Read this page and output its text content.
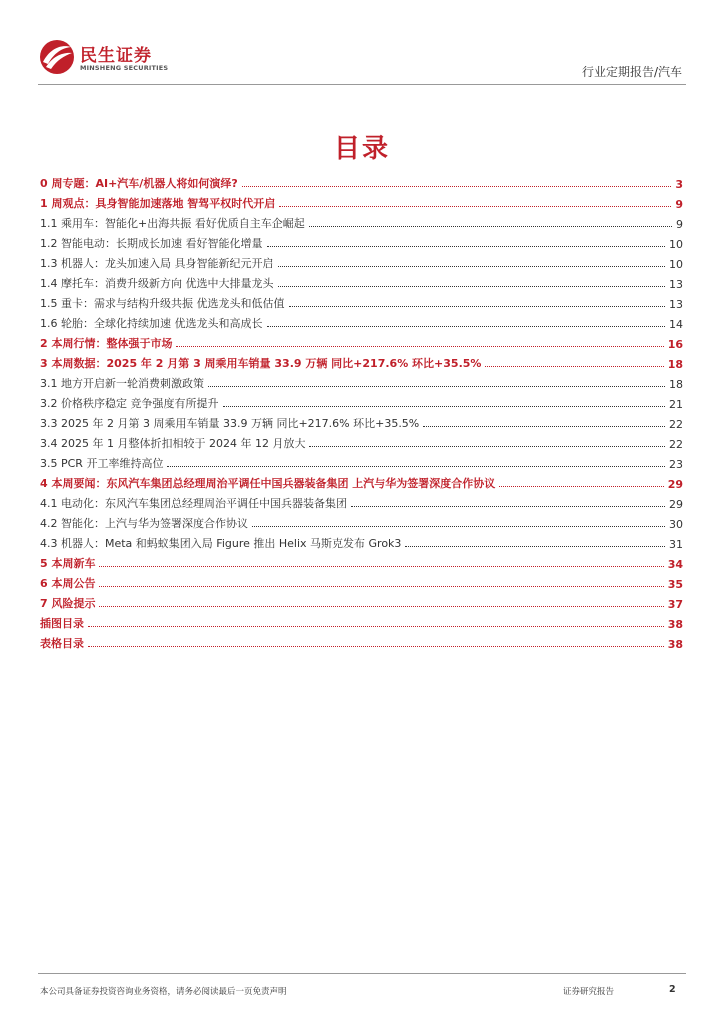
民生证券
MINSHENG SECURITIES	行业定期报告/汽车
目录
0 周专题：AI+汽车/机器人将如何演绎?	3
1 周观点：具身智能加速落地 智驾平权时代开启	9
1.1 乘用车：智能化+出海共振 看好优质自主车企崛起	9
1.2 智能电动：长期成长加速 看好智能化增量	10
1.3 机器人：龙头加速入局 具身智能新纪元开启	10
1.4 摩托车：消费升级新方向 优选中大排量龙头	13
1.5 重卡：需求与结构升级共振 优选龙头和低估值	13
1.6 轮胎：全球化持续加速 优选龙头和高成长	14
2 本周行情：整体强于市场	16
3 本周数据：2025 年 2 月第 3 周乘用车销量 33.9 万辆 同比+217.6% 环比+35.5%	18
3.1 地方开启新一轮消费刺激政策	18
3.2 价格秩序稳定 竞争强度有所提升	21
3.3 2025 年 2 月第 3 周乘用车销量 33.9 万辆 同比+217.6% 环比+35.5%	22
3.4 2025 年 1 月整体折扣相较于 2024 年 12 月放大	22
3.5 PCR 开工率维持高位	23
4 本周要闻：东风汽车集团总经理周治平调任中国兵器装备集团 上汽与华为签署深度合作协议	29
4.1 电动化：东风汽车集团总经理周治平调任中国兵器装备集团	29
4.2 智能化：上汽与华为签署深度合作协议	30
4.3 机器人：Meta 和蚂蚁集团入局 Figure 推出 Helix 马斯克发布 Grok3	31
5 本周新车	34
6 本周公告	35
7 风险提示	37
插图目录	38
表格目录	38
本公司具备证券投资咨询业务资格，请务必阅读最后一页免责声明	证券研究报告	2
